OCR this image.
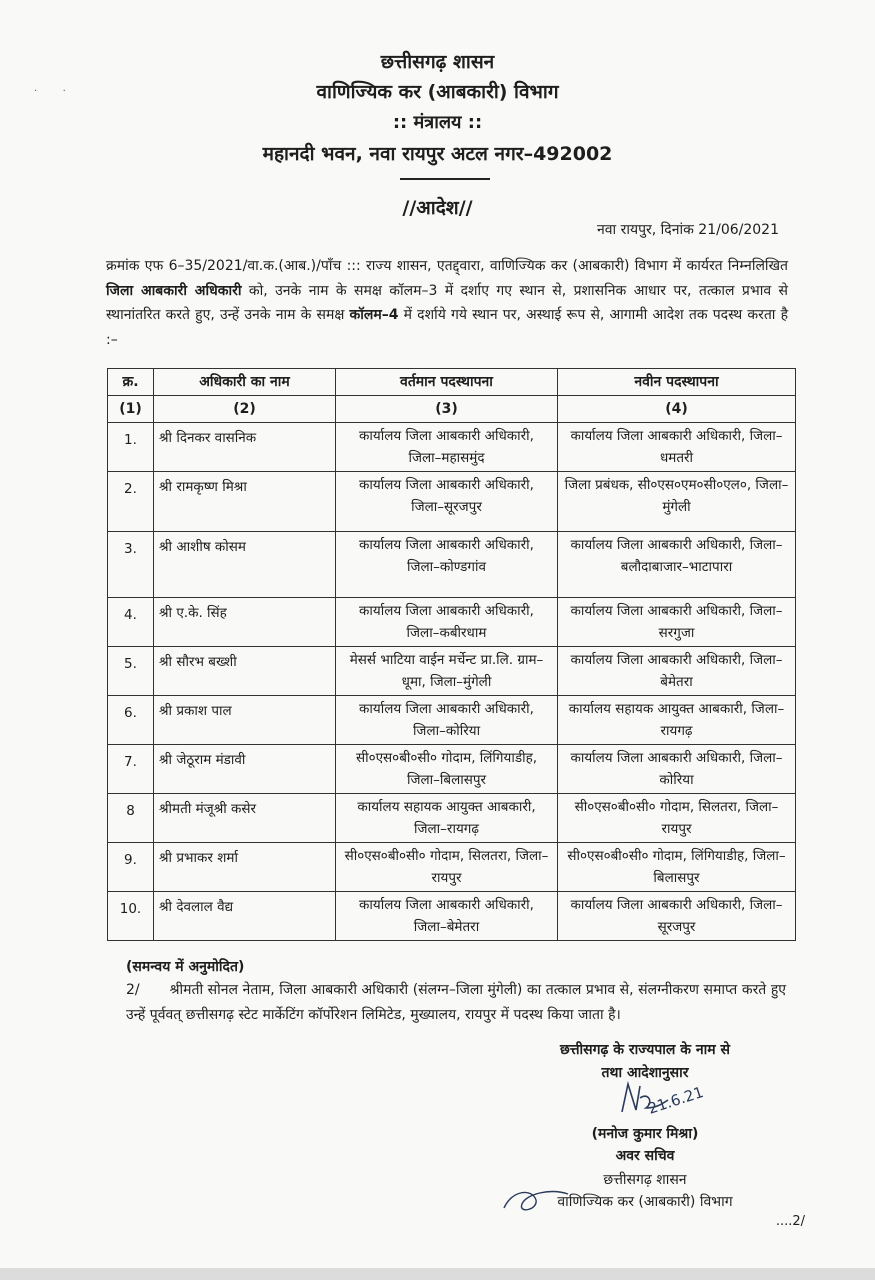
·        ·
छत्तीसगढ़ शासन
वाणिज्यिक कर (आबकारी) विभाग
:: मंत्रालय ::
महानदी भवन, नवा रायपुर अटल नगर–492002
//आदेश//
नवा रायपुर, दिनांक 21/06/2021
क्रमांक एफ 6–35/2021/वा.क.(आब.)/पाँच ::: राज्य शासन, एतद्द्वारा, वाणिज्यिक कर (आबकारी) विभाग में कार्यरत निम्नलिखित जिला आबकारी अधिकारी को, उनके नाम के समक्ष कॉलम–3 में दर्शाए गए स्थान से, प्रशासनिक आधार पर, तत्काल प्रभाव से स्थानांतरित करते हुए, उन्हें उनके नाम के समक्ष कॉलम–4 में दर्शाये गये स्थान पर, अस्थाई रूप से, आगामी आदेश तक पदस्थ करता है :–
क्र.	अधिकारी का नाम	वर्तमान पदस्थापना	नवीन पदस्थापना
(1)	(2)	(3)	(4)
1.	श्री दिनकर वासनिक	कार्यालय जिला आबकारी अधिकारी, जिला–महासमुंद	कार्यालय जिला आबकारी अधिकारी, जिला–धमतरी
2.	श्री रामकृष्ण मिश्रा	कार्यालय जिला आबकारी अधिकारी, जिला–सूरजपुर	जिला प्रबंधक, सी०एस०एम०सी०एल०, जिला–मुंगेली
3.	श्री आशीष कोसम	कार्यालय जिला आबकारी अधिकारी, जिला–कोण्डगांव	कार्यालय जिला आबकारी अधिकारी, जिला–बलौदाबाजार–भाटापारा
4.	श्री ए.के. सिंह	कार्यालय जिला आबकारी अधिकारी, जिला–कबीरधाम	कार्यालय जिला आबकारी अधिकारी, जिला–सरगुजा
5.	श्री सौरभ बख्शी	मेसर्स भाटिया वाईन मर्चेन्ट प्रा.लि. ग्राम–धूमा, जिला–मुंगेली	कार्यालय जिला आबकारी अधिकारी, जिला–बेमेतरा
6.	श्री प्रकाश पाल	कार्यालय जिला आबकारी अधिकारी, जिला–कोरिया	कार्यालय सहायक आयुक्त आबकारी, जिला–रायगढ़
7.	श्री जेठूराम मंडावी	सी०एस०बी०सी० गोदाम, लिंगियाडीह, जिला–बिलासपुर	कार्यालय जिला आबकारी अधिकारी, जिला–कोरिया
8	श्रीमती मंजूश्री कसेर	कार्यालय सहायक आयुक्त आबकारी, जिला–रायगढ़	सी०एस०बी०सी० गोदाम, सिलतरा, जिला–रायपुर
9.	श्री प्रभाकर शर्मा	सी०एस०बी०सी० गोदाम, सिलतरा, जिला–रायपुर	सी०एस०बी०सी० गोदाम, लिंगियाडीह, जिला–बिलासपुर
10.	श्री देवलाल वैद्य	कार्यालय जिला आबकारी अधिकारी, जिला–बेमेतरा	कार्यालय जिला आबकारी अधिकारी, जिला–सूरजपुर
(समन्वय में अनुमोदित)
2/ श्रीमती सोनल नेताम, जिला आबकारी अधिकारी (संलग्न–जिला मुंगेली) का तत्काल प्रभाव से, संलग्नीकरण समाप्त करते हुए उन्हें पूर्ववत् छत्तीसगढ़ स्टेट मार्केटिंग कॉर्पोरेशन लिमिटेड, मुख्यालय, रायपुर में पदस्थ किया जाता है।
छत्तीसगढ़ के राज्यपाल के नाम से
तथा आदेशानुसार
21.6.21
(मनोज कुमार मिश्रा)
अवर सचिव
छत्तीसगढ़ शासन
वाणिज्यिक कर (आबकारी) विभाग
....2/
